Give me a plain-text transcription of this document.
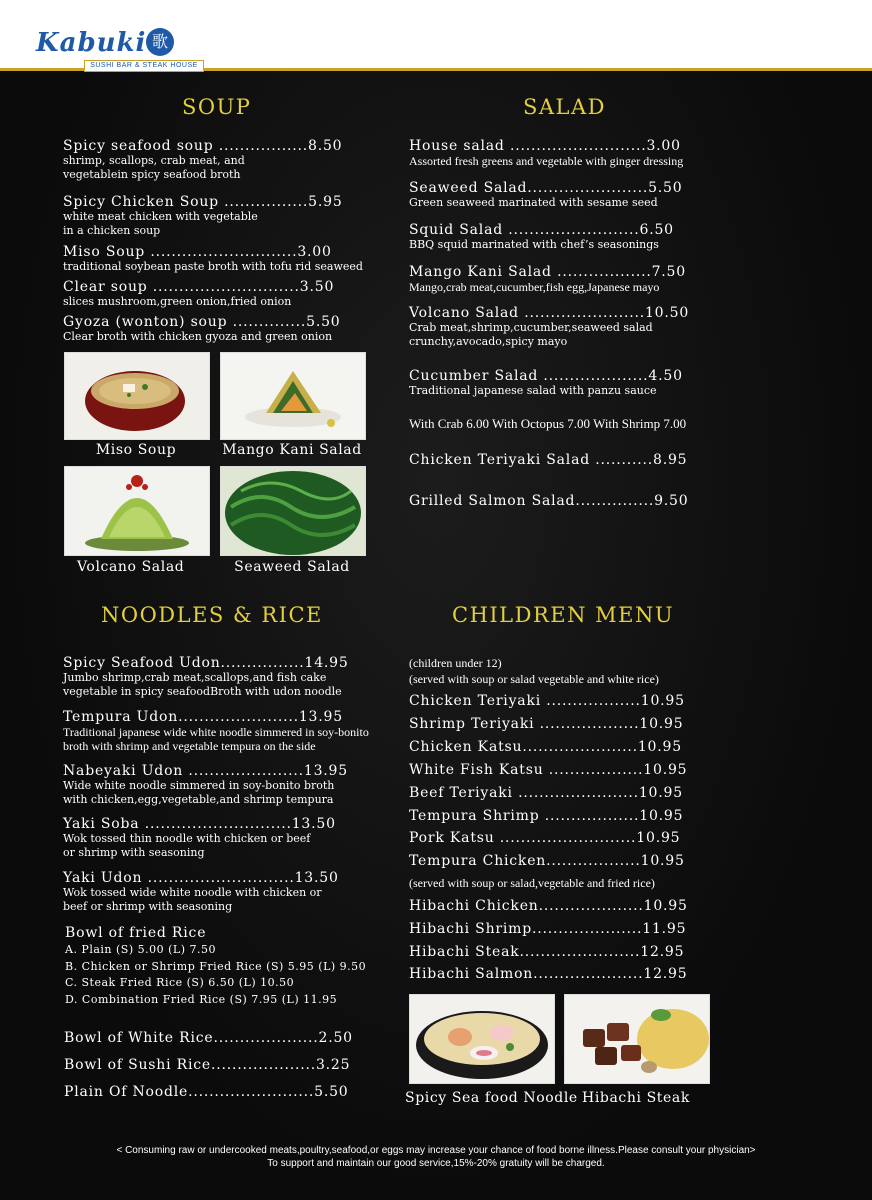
Kabuki 歌
SUSHI BAR & STEAK HOUSE
SOUP
Spicy seafood soup .................8.50
shrimp, scallops, crab meat, and
vegetablein spicy seafood broth
Spicy Chicken Soup ................5.95
white meat chicken with vegetable
in a chicken soup
Miso Soup ............................3.00
traditional soybean paste broth with tofu rid seaweed
Clear soup ............................3.50
slices mushroom,green onion,fried onion
Gyoza (wonton) soup ..............5.50
Clear broth with chicken gyoza and green onion
Miso Soup	Mango Kani Salad
Volcano Salad	Seaweed Salad
SALAD
House salad ..........................3.00
Assorted fresh greens and vegetable with ginger dressing
Seaweed Salad.......................5.50
Green seaweed marinated with sesame seed
Squid Salad .........................6.50
BBQ squid marinated with chef’s seasonings
Mango Kani Salad ..................7.50
Mango,crab meat,cucumber,fish egg,Japanese mayo
Volcano Salad .......................10.50
Crab meat,shrimp,cucumber,seaweed salad
crunchy,avocado,spicy mayo
Cucumber Salad ....................4.50
Traditional japanese salad with panzu sauce
With Crab 6.00 With Octopus 7.00 With Shrimp 7.00
Chicken Teriyaki Salad ...........8.95
Grilled Salmon Salad...............9.50
NOODLES & RICE
Spicy Seafood Udon................14.95
Jumbo shrimp,crab meat,scallops,and fish cake
vegetable in spicy seafoodBroth with udon noodle
Tempura Udon.......................13.95
Traditional japanese wide white noodle simmered in soy-bonito
broth with shrimp and vegetable tempura on the side
Nabeyaki Udon ......................13.95
Wide white noodle simmered in soy-bonito broth
with chicken,egg,vegetable,and shrimp tempura
Yaki Soba ............................13.50
Wok tossed thin noodle with chicken or beef
or shrimp with seasoning
Yaki Udon ............................13.50
Wok tossed wide white noodle with chicken or
beef or shrimp with seasoning
Bowl of fried Rice
A. Plain (S) 5.00 (L) 7.50
B. Chicken or Shrimp Fried Rice (S) 5.95 (L) 9.50
C. Steak Fried Rice (S) 6.50 (L) 10.50
D. Combination Fried Rice (S) 7.95 (L) 11.95
Bowl of White Rice....................2.50
Bowl of Sushi Rice....................3.25
Plain Of Noodle........................5.50
CHILDREN MENU
(children under 12)
(served with soup or salad vegetable and white rice)
Chicken Teriyaki ..................10.95
Shrimp Teriyaki ...................10.95
Chicken Katsu......................10.95
White Fish Katsu ..................10.95
Beef Teriyaki .......................10.95
Tempura Shrimp ..................10.95
Pork Katsu ..........................10.95
Tempura Chicken..................10.95
(served with soup or salad,vegetable and fried rice)
Hibachi Chicken....................10.95
Hibachi Shrimp.....................11.95
Hibachi Steak.......................12.95
Hibachi Salmon.....................12.95
Spicy Sea food Noodle Hibachi Steak
< Consuming raw or undercooked meats,poultry,seafood,or eggs may increase your chance of food borne illness.Please consult your physician>
To support and maintain our good service,15%-20% gratuity will be charged.
